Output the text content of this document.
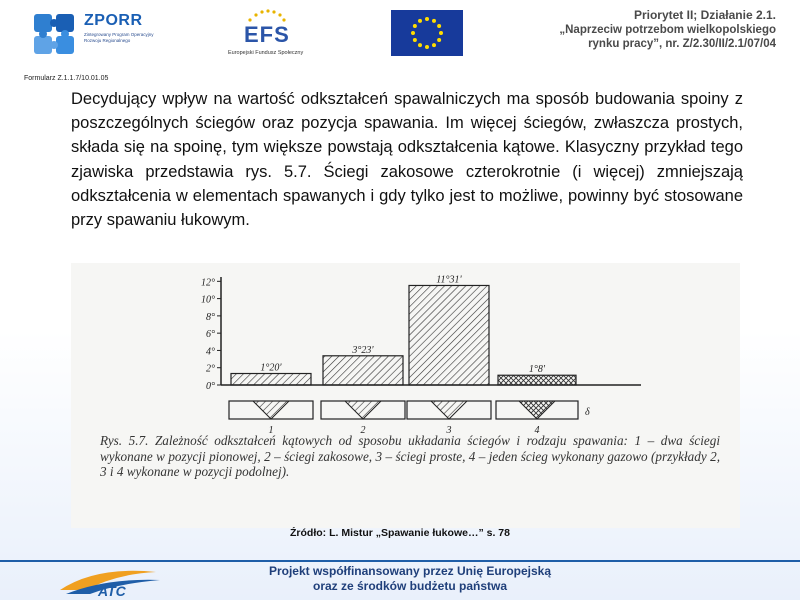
ZPORR
Zintegrowany Program Operacyjny Rozwoju Regionalnego	EFS
Europejski Fundusz Społeczny
Priorytet II; Działanie 2.1.
„Naprzeciw potrzebom wielkopolskiego
rynku pracy”, nr. Z/2.30/II/2.1/07/04
Formularz Z.1.1.7/10.01.05
Decydujący wpływ na wartość odkształceń spawalniczych ma sposób budowania spoiny z poszczególnych ściegów oraz pozycja spawania. Im więcej ściegów, zwłaszcza prostych, składa się na spoinę, tym większe powstają odkształcenia kątowe. Klasyczny przykład tego zjawiska przedstawia rys. 5.7. Ściegi zakosowe czterokrotnie (i więcej) zmniejszają odkształcenia w elementach spawanych i gdy tylko jest to możliwe, powinny być stosowane przy spawaniu łukowym.
0°
2°
4°
6°
8°
10°
12°
1°20'
3°23'
11°31'
1°8'
1	2	3	4
δ
Rys. 5.7. Zależność odkształceń kątowych od sposobu układania ściegów i rodzaju spawania: 1 – dwa ściegi wykonane w pozycji pionowej, 2 – ściegi zakosowe, 3 – ściegi proste, 4 – jeden ścieg wykonany gazowo (przykłady 2, 3 i 4 wykonane w pozycji podolnej).
Źródło: L. Mistur „Spawanie łukowe…” s. 78
ATC
Projekt współfinansowany przez Unię Europejską
oraz ze środków budżetu państwa
